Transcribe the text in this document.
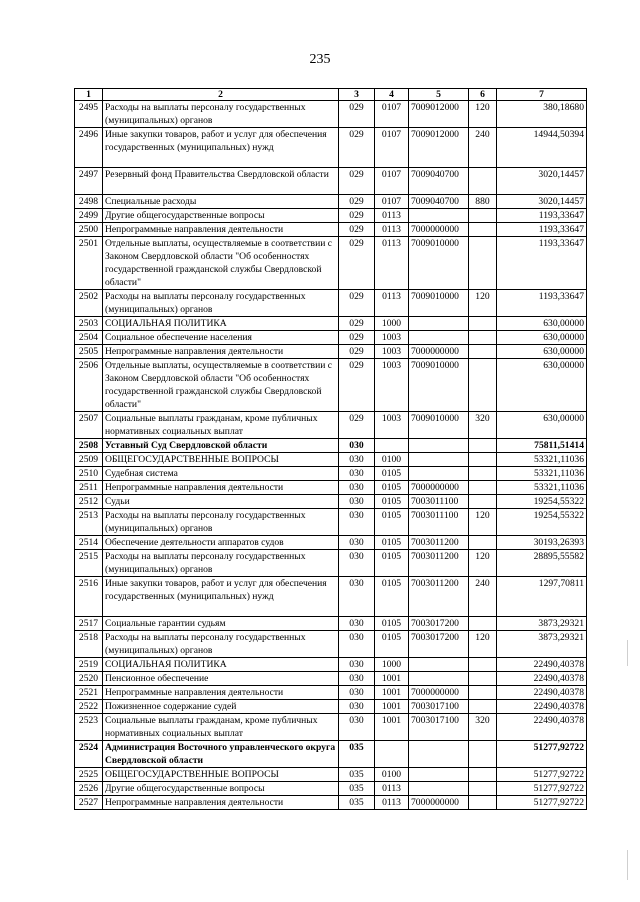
235
1	2	3	4	5	6	7
2495	Расходы на выплаты персоналу государственных (муниципальных) органов	029	0107	7009012000	120	380,18680
2496	Иные закупки товаров, работ и услуг для обеспечения государственных (муниципальных) нужд	029	0107	7009012000	240	14944,50394
2497	Резервный фонд Правительства Свердловской области	029	0107	7009040700		3020,14457
2498	Специальные расходы	029	0107	7009040700	880	3020,14457
2499	Другие общегосударственные вопросы	029	0113			1193,33647
2500	Непрограммные направления деятельности	029	0113	7000000000		1193,33647
2501	Отдельные выплаты, осуществляемые в соответствии с Законом Свердловской области "Об особенностях государственной гражданской службы Свердловской области"	029	0113	7009010000		1193,33647
2502	Расходы на выплаты персоналу государственных (муниципальных) органов	029	0113	7009010000	120	1193,33647
2503	СОЦИАЛЬНАЯ ПОЛИТИКА	029	1000			630,00000
2504	Социальное обеспечение населения	029	1003			630,00000
2505	Непрограммные направления деятельности	029	1003	7000000000		630,00000
2506	Отдельные выплаты, осуществляемые в соответствии с Законом Свердловской области "Об особенностях государственной гражданской службы Свердловской области"	029	1003	7009010000		630,00000
2507	Социальные выплаты гражданам, кроме публичных нормативных социальных выплат	029	1003	7009010000	320	630,00000
2508	Уставный Суд Свердловской области	030				75811,51414
2509	ОБЩЕГОСУДАРСТВЕННЫЕ ВОПРОСЫ	030	0100			53321,11036
2510	Судебная система	030	0105			53321,11036
2511	Непрограммные направления деятельности	030	0105	7000000000		53321,11036
2512	Судьи	030	0105	7003011100		19254,55322
2513	Расходы на выплаты персоналу государственных (муниципальных) органов	030	0105	7003011100	120	19254,55322
2514	Обеспечение деятельности аппаратов судов	030	0105	7003011200		30193,26393
2515	Расходы на выплаты персоналу государственных (муниципальных) органов	030	0105	7003011200	120	28895,55582
2516	Иные закупки товаров, работ и услуг для обеспечения государственных (муниципальных) нужд	030	0105	7003011200	240	1297,70811
2517	Социальные гарантии судьям	030	0105	7003017200		3873,29321
2518	Расходы на выплаты персоналу государственных (муниципальных) органов	030	0105	7003017200	120	3873,29321
2519	СОЦИАЛЬНАЯ ПОЛИТИКА	030	1000			22490,40378
2520	Пенсионное обеспечение	030	1001			22490,40378
2521	Непрограммные направления деятельности	030	1001	7000000000		22490,40378
2522	Пожизненное содержание судей	030	1001	7003017100		22490,40378
2523	Социальные выплаты гражданам, кроме публичных нормативных социальных выплат	030	1001	7003017100	320	22490,40378
2524	Администрация Восточного управленческого округа Свердловской области	035				51277,92722
2525	ОБЩЕГОСУДАРСТВЕННЫЕ ВОПРОСЫ	035	0100			51277,92722
2526	Другие общегосударственные вопросы	035	0113			51277,92722
2527	Непрограммные направления деятельности	035	0113	7000000000		51277,92722
